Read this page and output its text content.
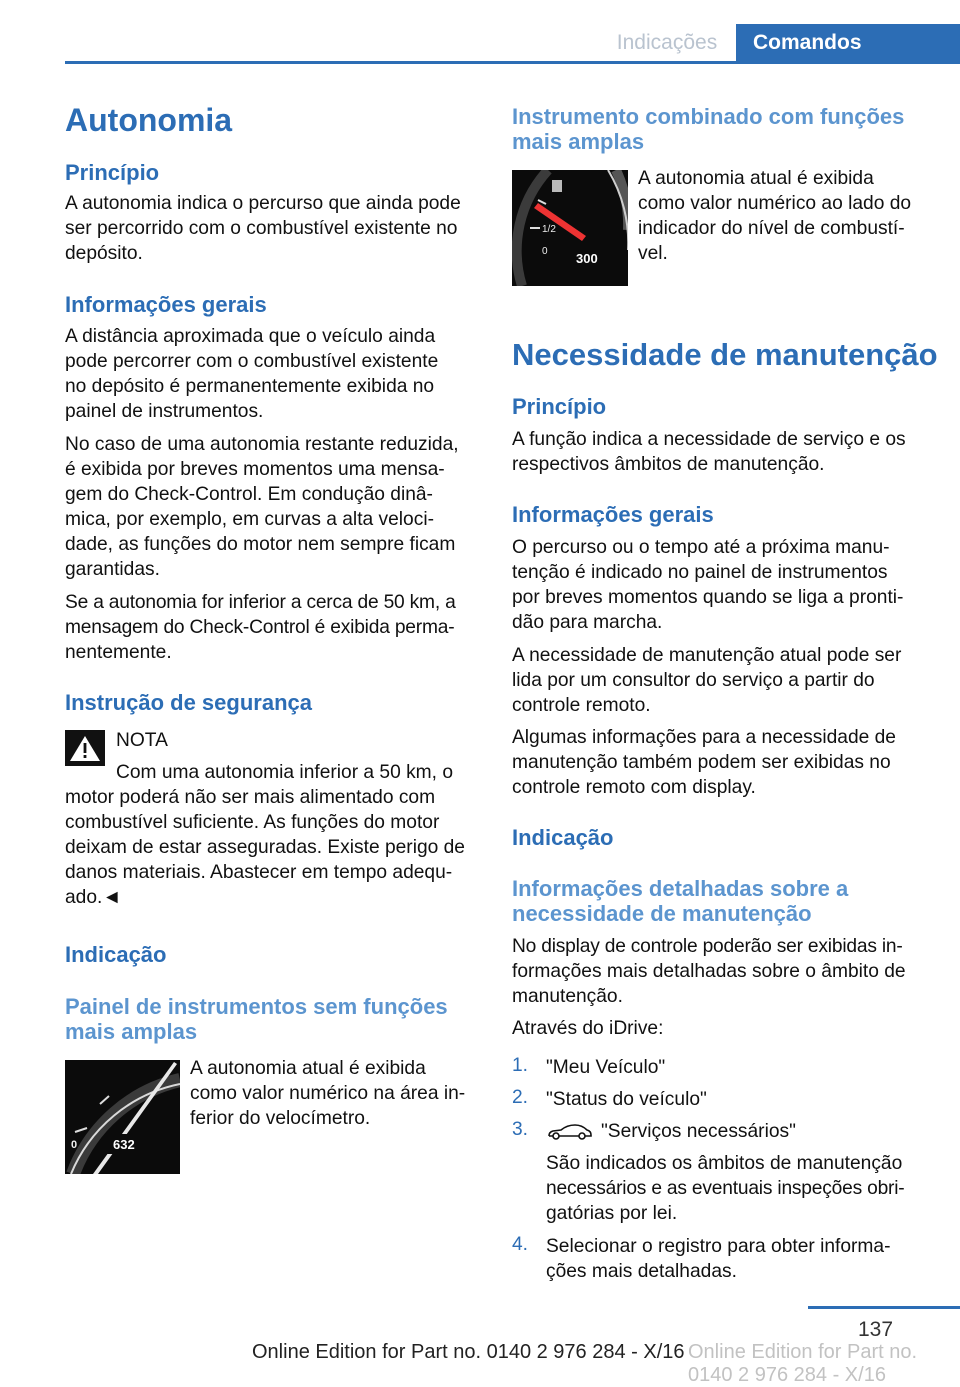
Indicações	Comandos
Autonomia
Princípio
A autonomia indica o percurso que ainda pode
ser percorrido com o combustível existente no
depósito.
Informações gerais
A distância aproximada que o veículo ainda
pode percorrer com o combustível existente
no depósito é permanentemente exibida no
painel de instrumentos.
No caso de uma autonomia restante reduzida,
é exibida por breves momentos uma mensa‐
gem do Check-Control. Em condução dinâ‐
mica, por exemplo, em curvas a alta veloci‐
dade, as funções do motor nem sempre ficam
garantidas.
Se a autonomia for inferior a cerca de 50 km, a
mensagem do Check-Control é exibida perma‐
nentemente.
Instrução de segurança
NOTA
Com uma autonomia inferior a 50 km, o
motor poderá não ser mais alimentado com
combustível suficiente. As funções do motor
deixam de estar asseguradas. Existe perigo de
danos materiais. Abastecer em tempo adequ‐
ado.◄
Indicação
Painel de instrumentos sem funções
mais amplas
0	632
A autonomia atual é exibida
como valor numérico na área in‐
ferior do velocímetro.
Instrumento combinado com funções
mais amplas
1/2
0 300
A autonomia atual é exibida
como valor numérico ao lado do
indicador do nível de combustí‐
vel.
Necessidade de manutenção
Princípio
A função indica a necessidade de serviço e os
respectivos âmbitos de manutenção.
Informações gerais
O percurso ou o tempo até a próxima manu‐
tenção é indicado no painel de instrumentos
por breves momentos quando se liga a pronti‐
dão para marcha.
A necessidade de manutenção atual pode ser
lida por um consultor do serviço a partir do
controle remoto.
Algumas informações para a necessidade de
manutenção também podem ser exibidas no
controle remoto com display.
Indicação
Informações detalhadas sobre a
necessidade de manutenção
No display de controle poderão ser exibidas in‐
formações mais detalhadas sobre o âmbito de
manutenção.
Através do iDrive:
1. "Meu Veículo"
2. "Status do veículo"
3.	"Serviços necessários"
São indicados os âmbitos de manutenção
necessários e as eventuais inspeções obri‐
gatórias por lei.
4. Selecionar o registro para obter informa‐
ções mais detalhadas.
137
Online Edition for Part no. 0140 2 976 284 - X/16 Online Edition for Part no. 0140 2 976 284 - X/16
